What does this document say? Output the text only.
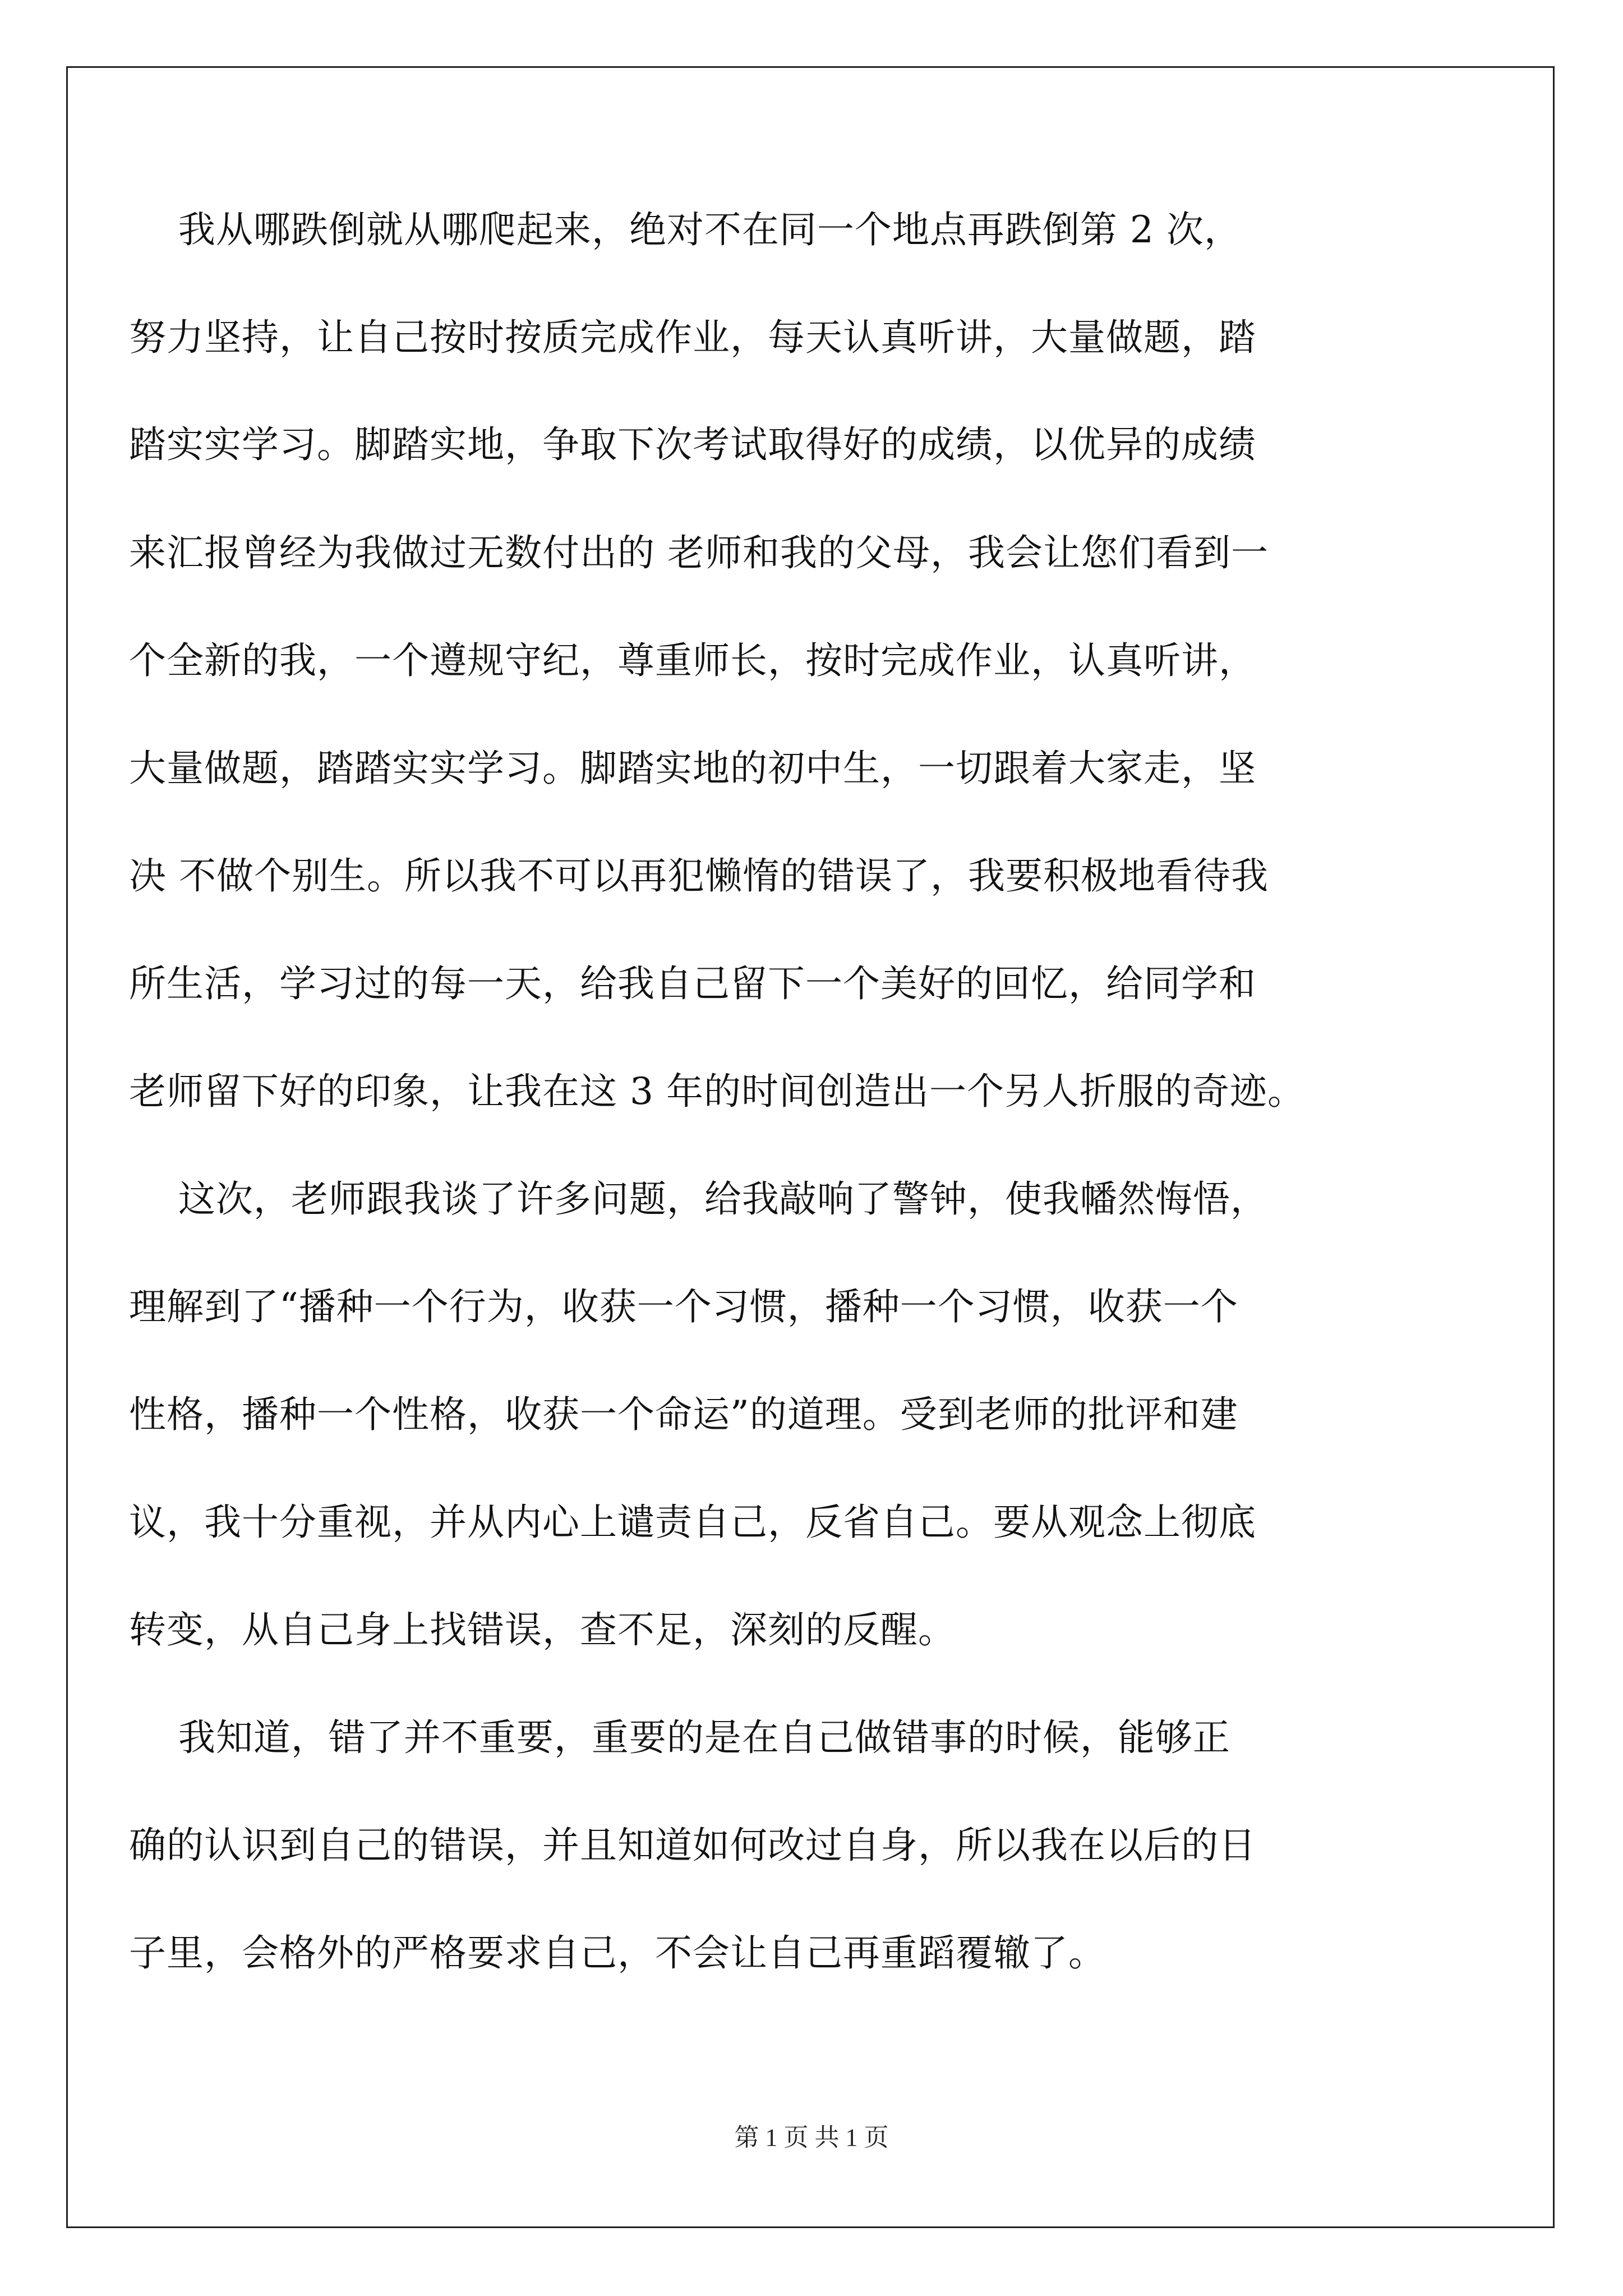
我从哪跌倒就从哪爬起来，绝对不在同一个地点再跌倒第 2 次，
努力坚持，让自己按时按质完成作业，每天认真听讲，大量做题，踏
踏实实学习。脚踏实地，争取下次考试取得好的成绩，以优异的成绩
来汇报曾经为我做过无数付出的 老师和我的父母，我会让您们看到一
个全新的我，一个遵规守纪，尊重师长，按时完成作业，认真听讲，
大量做题，踏踏实实学习。脚踏实地的初中生，一切跟着大家走，坚
决 不做个别生。所以我不可以再犯懒惰的错误了，我要积极地看待我
所生活，学习过的每一天，给我自己留下一个美好的回忆，给同学和
老师留下好的印象，让我在这 3 年的时间创造出一个另人折服的奇迹。
这次，老师跟我谈了许多问题，给我敲响了警钟，使我幡然悔悟，
理解到了“播种一个行为，收获一个习惯，播种一个习惯，收获一个
性格，播种一个性格，收获一个命运”的道理。受到老师的批评和建
议，我十分重视，并从内心上谴责自己，反省自己。要从观念上彻底
转变，从自己身上找错误，查不足，深刻的反醒。
我知道，错了并不重要，重要的是在自己做错事的时候，能够正
确的认识到自己的错误，并且知道如何改过自身，所以我在以后的日
子里，会格外的严格要求自己，不会让自己再重蹈覆辙了。
第 1 页 共 1 页
